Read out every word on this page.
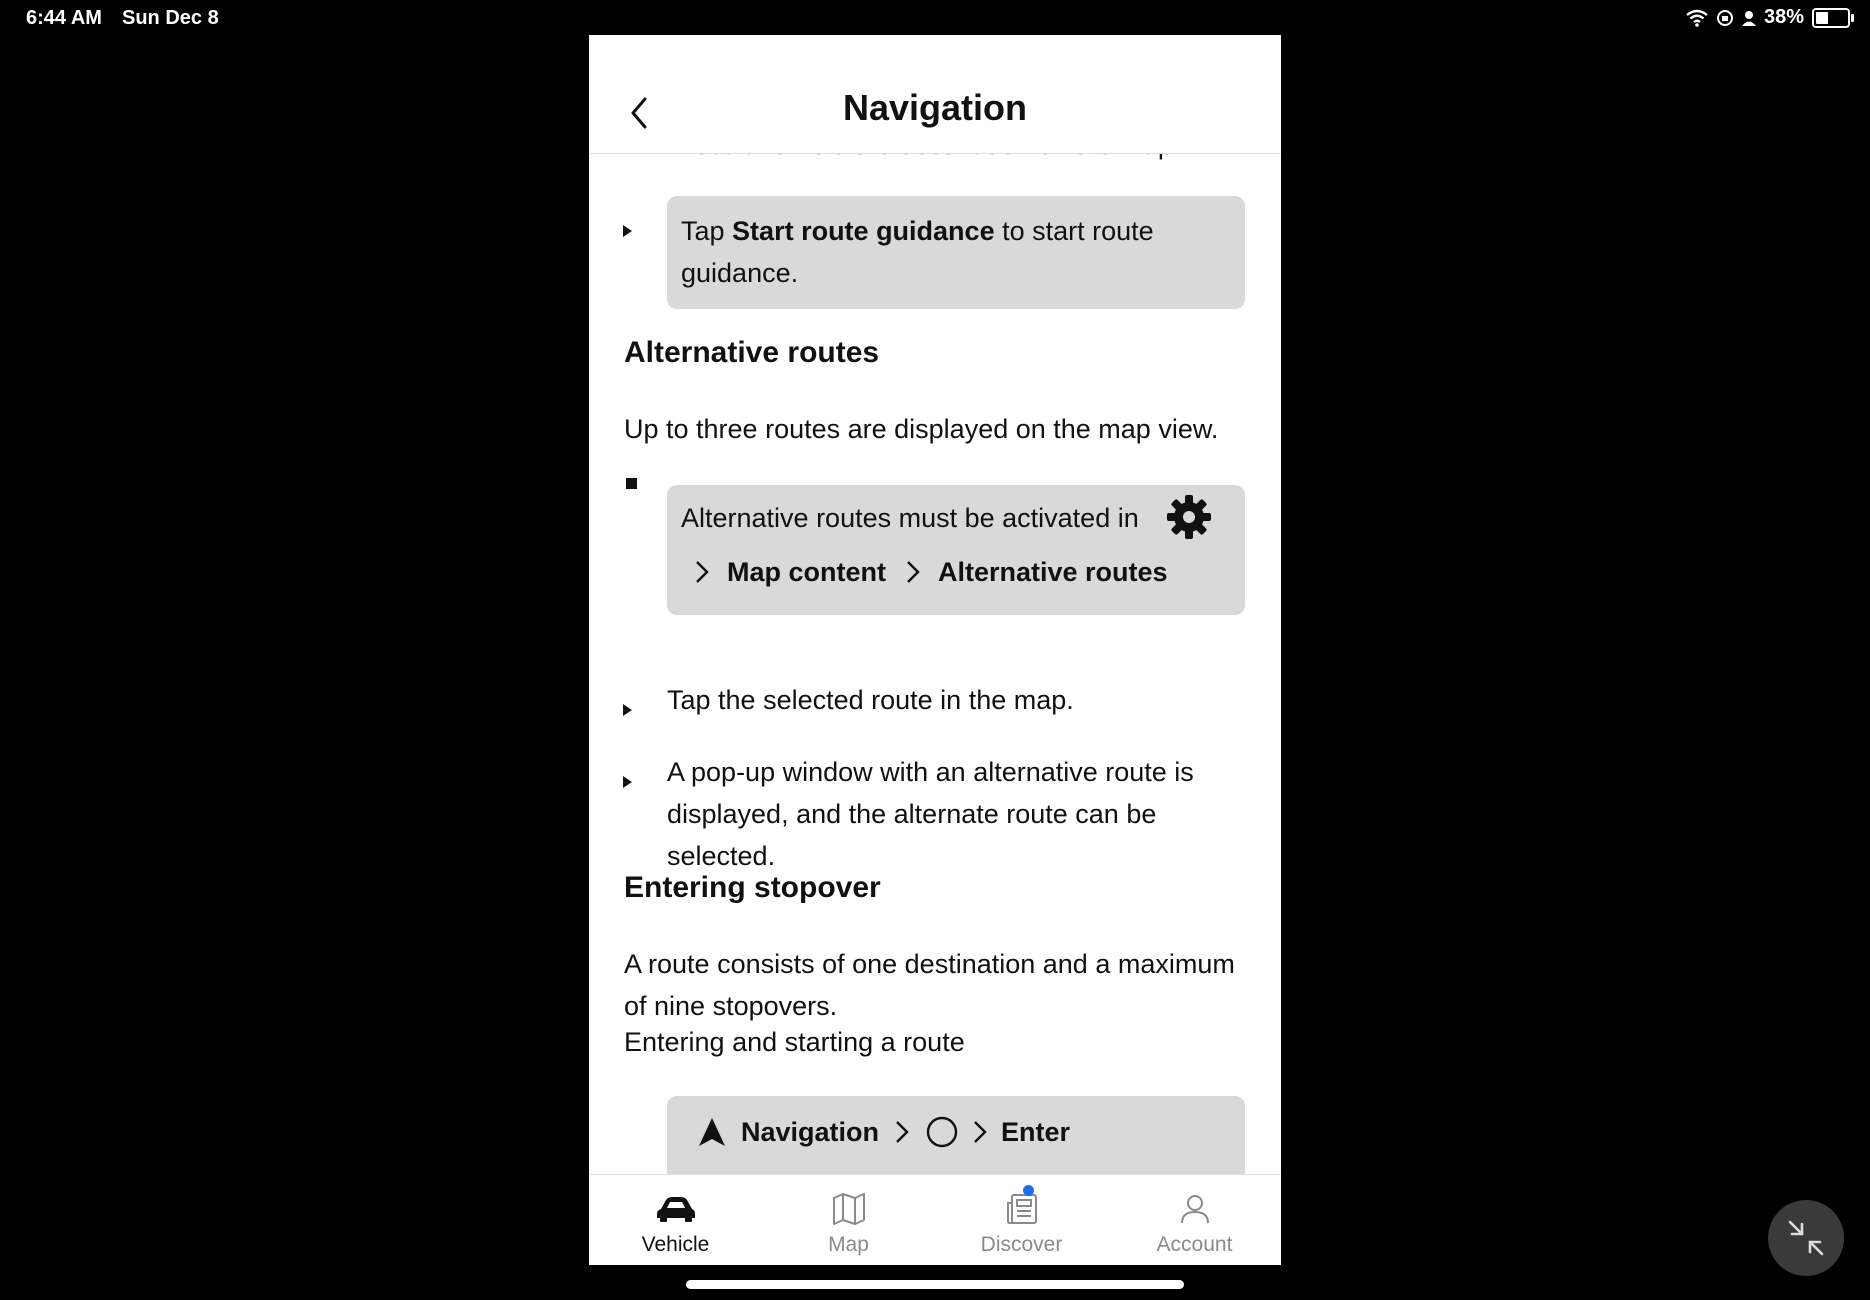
6:44 AM Sun Dec 8	38%
Navigation
Tap Start route guidance to start route guidance.
Alternative routes
Up to three routes are displayed on the map view.
Alternative routes must be activated in
Map content Alternative routes
Tap the selected route in the map.
A pop-up window with an alternative route is displayed, and the alternate route can be selected.
Entering stopover
A route consists of one destination and a maximum of nine stopovers.
Entering and starting a route
Navigation	Enter
Vehicle	Map	Discover	Account
